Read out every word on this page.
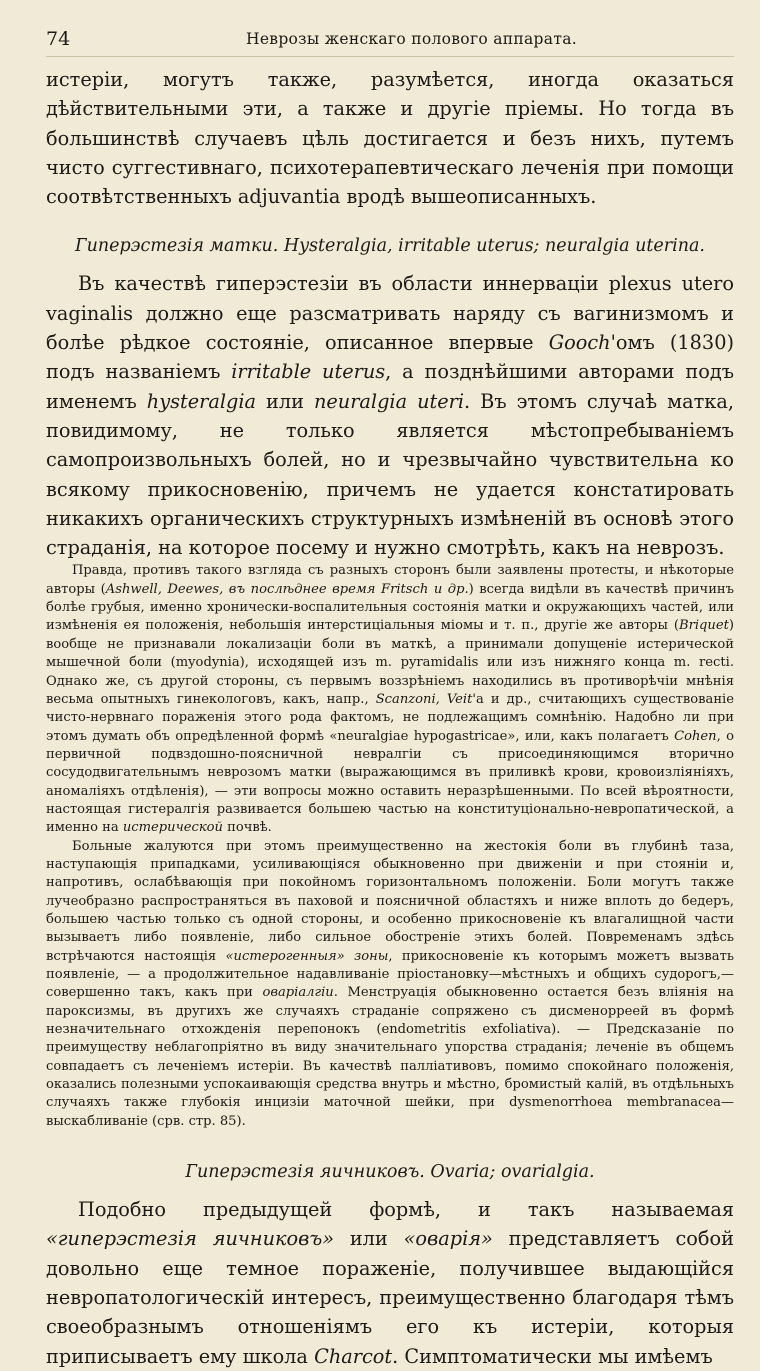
74	Неврозы женскаго полового аппарата.

истеріи, могутъ также, разумѣется, иногда оказаться дѣйствительными эти, а также и другіе пріемы. Но тогда въ большинствѣ случаевъ цѣль достигается и безъ нихъ, путемъ чисто суггестивнаго, психотерапевтическаго леченія при помощи соотвѣтственныхъ adjuvantia вродѣ вышеописанныхъ.

Гиперэстезія матки. Hysteralgia, irritable uterus; neuralgia uterina.

Въ качествѣ гиперэстезіи въ области иннерваціи plexus utero vaginalis должно еще разсматривать наряду съ вагинизмомъ и болѣе рѣдкое состояніе, описанное впервые Gooch'омъ (1830) подъ названіемъ irritable uterus, а позднѣйшими авторами подъ именемъ hysteralgia или neuralgia uteri. Въ этомъ случаѣ матка, повидимому, не только является мѣстопребываніемъ самопроизвольныхъ болей, но и чрезвычайно чувствительна ко всякому прикосновенію, причемъ не удается констатировать никакихъ органическихъ структурныхъ измѣненій въ основѣ этого страданія, на которое посему и нужно смотрѣть, какъ на неврозъ.

Правда, противъ такого взгляда съ разныхъ сторонъ были заявлены протесты, и нѣкоторые авторы (Ashwell, Deewes, въ послѣднее время Fritsch и др.) всегда видѣли въ качествѣ причинъ болѣе грубыя, именно хронически-воспалительныя состоянія матки и окружающихъ частей, или измѣненія ея положенія, небольшія интерстиціальныя міомы и т. п., другіе же авторы (Briquet) вообще не признавали локализаціи боли въ маткѣ, а принимали допущеніе истерической мышечной боли (myodynia), исходящей изъ m. pyramidalis или изъ нижняго конца m. recti. Однако же, съ другой стороны, съ первымъ воззрѣніемъ находились въ противорѣчіи мнѣнія весьма опытныхъ гинекологовъ, какъ, напр., Scanzoni, Veit'a и др., считающихъ существованіе чисто-нервнаго пораженія этого рода фактомъ, не подлежащимъ сомнѣнію. Надобно ли при этомъ думать объ опредѣленной формѣ «neuralgiae hypogastricae», или, какъ полагаетъ Cohen, о первичной подвздошно-поясничной невралгіи съ присоединяющимся вторично сосудодвигательнымъ неврозомъ матки (выражающимся въ приливкѣ крови, кровоизліяніяхъ, аномаліяхъ отдѣленія), — эти вопросы можно оставить неразрѣшенными. По всей вѣроятности, настоящая гистералгія развивается большею частью на конституціонально-невропатической, а именно на истерической почвѣ.

Больные жалуются при этомъ преимущественно на жестокія боли въ глубинѣ таза, наступающія припадками, усиливающіяся обыкновенно при движеніи и при стояніи и, напротивъ, ослабѣвающія при покойномъ горизонтальномъ положеніи. Боли могутъ также лучеобразно распространяться въ паховой и поясничной областяхъ и ниже вплоть до бедеръ, большею частью только съ одной стороны, и особенно прикосновеніе къ влагалищной части вызываетъ либо появленіе, либо сильное обостреніе этихъ болей. Повременамъ здѣсь встрѣчаются настоящія «истерогенныя» зоны, прикосновеніе къ которымъ можетъ вызвать появленіе, — а продолжительное надавливаніе пріостановку—мѣстныхъ и общихъ судорогъ,—совершенно такъ, какъ при оваріалгіи. Менструація обыкновенно остается безъ вліянія на пароксизмы, въ другихъ же случаяхъ страданіе сопряжено съ дисменорреей въ формѣ незначительнаго отхожденія перепонокъ (endometritis exfoliativa). — Предсказаніе по преимуществу неблагопріятно въ виду значительнаго упорства страданія; леченіе въ общемъ совпадаетъ съ леченіемъ истеріи. Въ качествѣ палліативовъ, помимо спокойнаго положенія, оказались полезными успокаивающія средства внутрь и мѣстно, бромистый калій, въ отдѣльныхъ случаяхъ также глубокія инцизіи маточной шейки, при dysmenorrhoea membranacea—выскабливаніе (срв. стр. 85).

Гиперэстезія яичниковъ. Ovaria; ovarialgia.

Подобно предыдущей формѣ, и такъ называемая «гиперэстезія яичниковъ» или «оварія» представляетъ собой довольно еще темное пораженіе, получившее выдающійся невропатологическій интересъ, преимущественно благодаря тѣмъ своеобразнымъ отношеніямъ его къ истеріи, которыя приписываетъ ему школа Charcot. Симптоматически мы имѣемъ
